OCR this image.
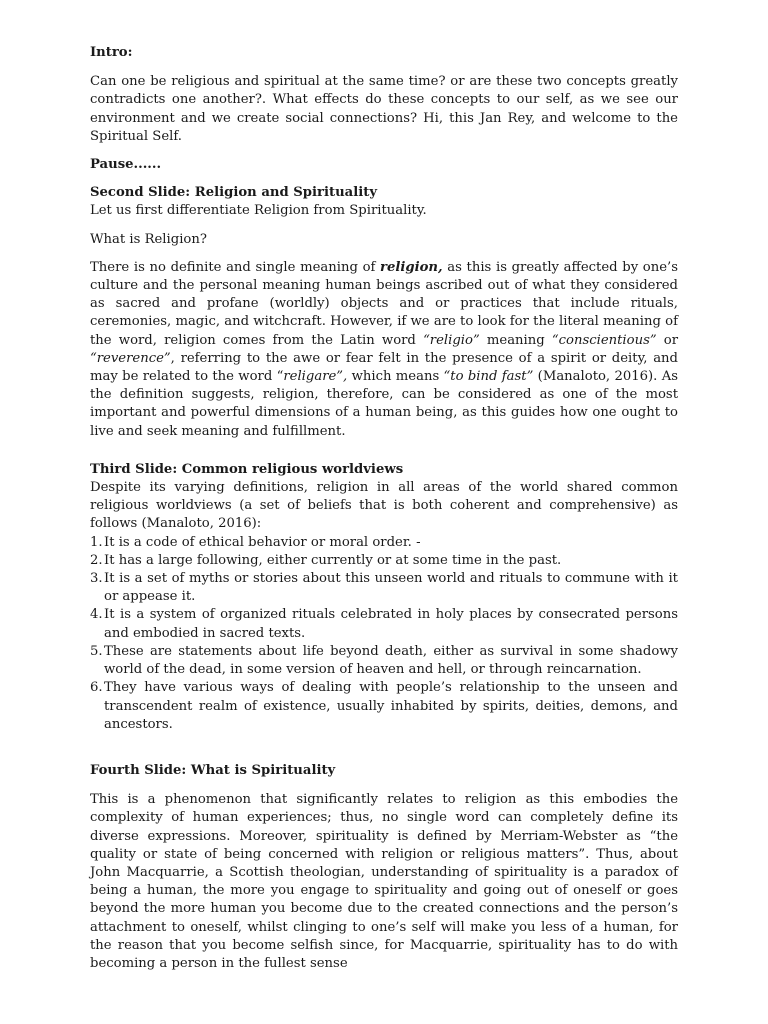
Intro:

Can one be religious and spiritual at the same time? or are these two concepts greatly contradicts one another?. What effects do these concepts to our self, as we see our environment and we create social connections? Hi, this Jan Rey, and welcome to the Spiritual Self.

Pause......

Second Slide: Religion and Spirituality

Let us first differentiate Religion from Spirituality.

What is Religion?

There is no definite and single meaning of religion, as this is greatly affected by one’s culture and the personal meaning human beings ascribed out of what they considered as sacred and profane (worldly) objects and or practices that include rituals, ceremonies, magic, and witchcraft. However, if we are to look for the literal meaning of the word, religion comes from the Latin word “religio” meaning “conscientious” or “reverence”, referring to the awe or fear felt in the presence of a spirit or deity, and may be related to the word “religare”, which means “to bind fast” (Manaloto, 2016). As the definition suggests, religion, therefore, can be considered as one of the most important and powerful dimensions of a human being, as this guides how one ought to live and seek meaning and fulfillment.

Third Slide: Common religious worldviews

Despite its varying definitions, religion in all areas of the world shared common religious worldviews (a set of beliefs that is both coherent and comprehensive) as follows (Manaloto, 2016):

1. It is a code of ethical behavior or moral order. -
2. It has a large following, either currently or at some time in the past.
3. It is a set of myths or stories about this unseen world and rituals to commune with it or appease it.
4. It is a system of organized rituals celebrated in holy places by consecrated persons and embodied in sacred texts.
5. These are statements about life beyond death, either as survival in some shadowy world of the dead, in some version of heaven and hell, or through reincarnation.
6. They have various ways of dealing with people’s relationship to the unseen and transcendent realm of existence, usually inhabited by spirits, deities, demons, and ancestors.

Fourth Slide: What is Spirituality

This is a phenomenon that significantly relates to religion as this embodies the complexity of human experiences; thus, no single word can completely define its diverse expressions. Moreover, spirituality is defined by Merriam-Webster as “the quality or state of being concerned with religion or religious matters”. Thus, about John Macquarrie, a Scottish theologian, understanding of spirituality is a paradox of being a human, the more you engage to spirituality and going out of oneself or goes beyond the more human you become due to the created connections and the person’s attachment to oneself, whilst clinging to one’s self will make you less of a human, for the reason that you become selfish since, for Macquarrie, spirituality has to do with becoming a person in the fullest sense
